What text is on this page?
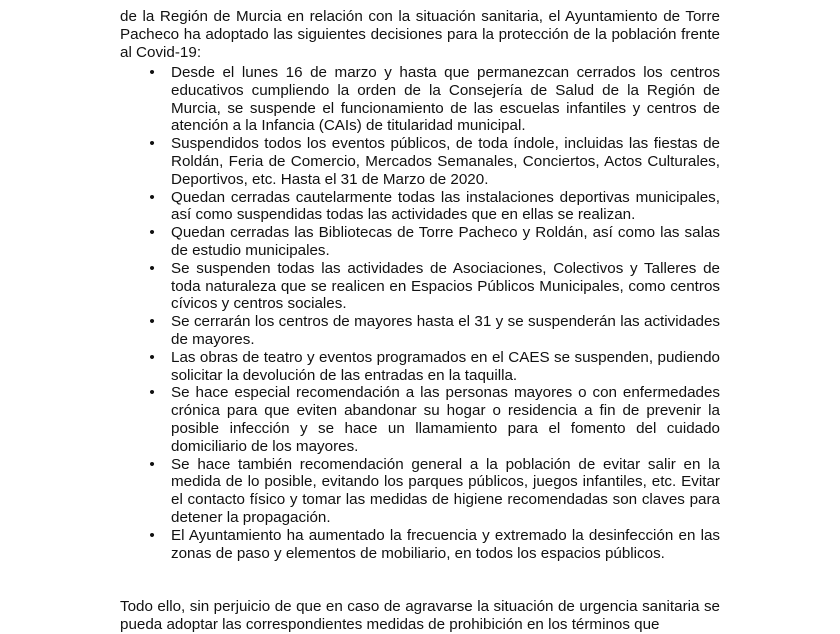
de la Región de Murcia en relación con la situación sanitaria, el Ayuntamiento de Torre Pacheco ha adoptado las siguientes decisiones para la protección de la población frente al Covid-19:

• Desde el lunes 16 de marzo y hasta que permanezcan cerrados los centros educativos cumpliendo la orden de la Consejería de Salud de la Región de Murcia, se suspende el funcionamiento de las escuelas infantiles y centros de atención a la Infancia (CAIs) de titularidad municipal.
• Suspendidos todos los eventos públicos, de toda índole, incluidas las fiestas de Roldán, Feria de Comercio, Mercados Semanales, Conciertos, Actos Culturales, Deportivos, etc. Hasta el 31 de Marzo de 2020.
• Quedan cerradas cautelarmente todas las instalaciones deportivas municipales, así como suspendidas todas las actividades que en ellas se realizan.
• Quedan cerradas las Bibliotecas de Torre Pacheco y Roldán, así como las salas de estudio municipales.
• Se suspenden todas las actividades de Asociaciones, Colectivos y Talleres de toda naturaleza que se realicen en Espacios Públicos Municipales, como centros cívicos y centros sociales.
• Se cerrarán los centros de mayores hasta el 31 y se suspenderán las actividades de mayores.
• Las obras de teatro y eventos programados en el CAES se suspenden, pudiendo solicitar la devolución de las entradas en la taquilla.
• Se hace especial recomendación a las personas mayores o con enfermedades crónica para que eviten abandonar su hogar o residencia a fin de prevenir la posible infección y se hace un llamamiento para el fomento del cuidado domiciliario de los mayores.
• Se hace también recomendación general a la población de evitar salir en la medida de lo posible, evitando los parques públicos, juegos infantiles, etc. Evitar el contacto físico y tomar las medidas de higiene recomendadas son claves para detener la propagación.
• El Ayuntamiento ha aumentado la frecuencia y extremado la desinfección en las zonas de paso y elementos de mobiliario, en todos los espacios públicos.

Todo ello, sin perjuicio de que en caso de agravarse la situación de urgencia sanitaria se pueda adoptar las correspondientes medidas de prohibición en los términos que
